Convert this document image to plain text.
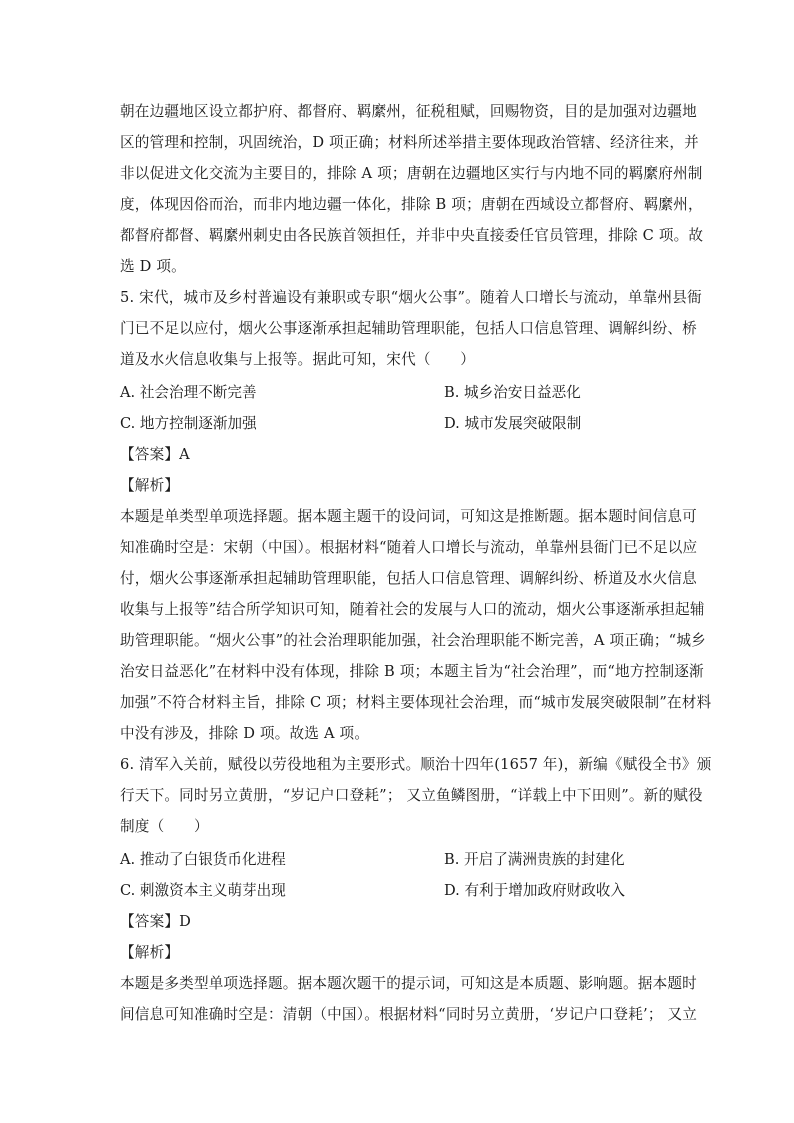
朝在边疆地区设立都护府、都督府、羁縻州，征税租赋，回赐物资，目的是加强对边疆地
区的管理和控制，巩固统治，D 项正确；材料所述举措主要体现政治管辖、经济往来，并
非以促进文化交流为主要目的，排除 A 项；唐朝在边疆地区实行与内地不同的羁縻府州制
度，体现因俗而治，而非内地边疆一体化，排除 B 项；唐朝在西域设立都督府、羁縻州，
都督府都督、羁縻州刺史由各民族首领担任，并非中央直接委任官员管理，排除 C 项。故
选 D 项。
5. 宋代，城市及乡村普遍设有兼职或专职“烟火公事”。随着人口增长与流动，单靠州县衙
门已不足以应付，烟火公事逐渐承担起辅助管理职能，包括人口信息管理、调解纠纷、桥
道及水火信息收集与上报等。据此可知，宋代（　　）
A. 社会治理不断完善	B. 城乡治安日益恶化
C. 地方控制逐渐加强	D. 城市发展突破限制
【答案】A
【解析】
本题是单类型单项选择题。据本题主题干的设问词，可知这是推断题。据本题时间信息可
知准确时空是：宋朝（中国）。根据材料“随着人口增长与流动，单靠州县衙门已不足以应
付，烟火公事逐渐承担起辅助管理职能，包括人口信息管理、调解纠纷、桥道及水火信息
收集与上报等”结合所学知识可知，随着社会的发展与人口的流动，烟火公事逐渐承担起辅
助管理职能。“烟火公事”的社会治理职能加强，社会治理职能不断完善，A 项正确；“城乡
治安日益恶化”在材料中没有体现，排除 B 项；本题主旨为“社会治理”，而“地方控制逐渐
加强”不符合材料主旨，排除 C 项；材料主要体现社会治理，而“城市发展突破限制”在材料
中没有涉及，排除 D 项。故选 A 项。
6. 清军入关前，赋役以劳役地租为主要形式。顺治十四年(1657 年)，新编《赋役全书》颁
行天下。同时另立黄册，“岁记户口登耗”； 又立鱼鳞图册，“详载上中下田则”。新的赋役
制度（　　）
A. 推动了白银货币化进程	B. 开启了满洲贵族的封建化
C. 刺激资本主义萌芽出现	D. 有利于增加政府财政收入
【答案】D
【解析】
本题是多类型单项选择题。据本题次题干的提示词，可知这是本质题、影响题。据本题时
间信息可知准确时空是：清朝（中国）。根据材料“同时另立黄册，‘岁记户口登耗’； 又立
